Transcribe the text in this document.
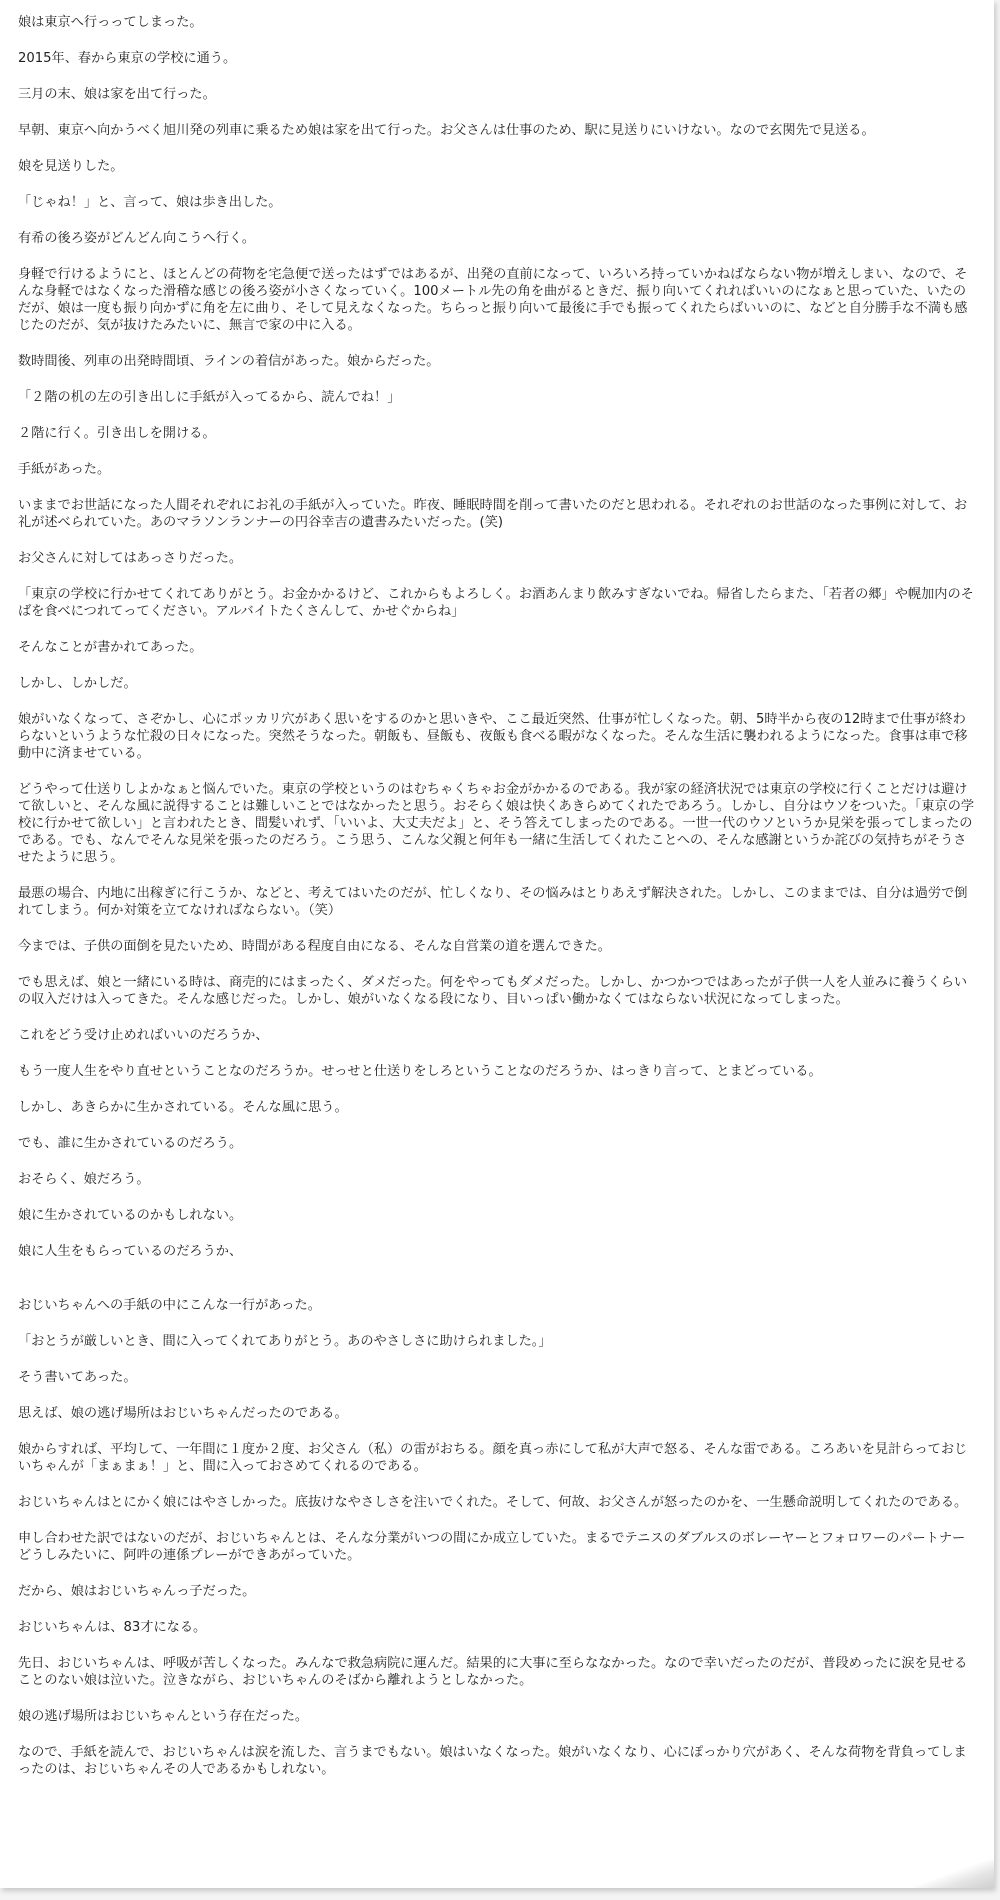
娘は東京へ行っってしまった。

2015年、春から東京の学校に通う。

三月の末、娘は家を出て行った。

早朝、東京へ向かうべく旭川発の列車に乗るため娘は家を出て行った。お父さんは仕事のため、駅に見送りにいけない。なので玄関先で見送る。

娘を見送りした。

「じゃね！」と、言って、娘は歩き出した。

有希の後ろ姿がどんどん向こうへ行く。

身軽で行けるようにと、ほとんどの荷物を宅急便で送ったはずではあるが、出発の直前になって、いろいろ持っていかねばならない物が増えしまい、なので、そんな身軽ではなくなった滑稽な感じの後ろ姿が小さくなっていく。100メートル先の角を曲がるときだ、振り向いてくれればいいのになぁと思っていた、いたのだが、娘は一度も振り向かずに角を左に曲り、そして見えなくなった。ちらっと振り向いて最後に手でも振ってくれたらばいいのに、などと自分勝手な不満も感じたのだが、気が抜けたみたいに、無言で家の中に入る。

数時間後、列車の出発時間頃、ラインの着信があった。娘からだった。

「２階の机の左の引き出しに手紙が入ってるから、読んでね！」

２階に行く。引き出しを開ける。

手紙があった。

いままでお世話になった人間それぞれにお礼の手紙が入っていた。昨夜、睡眠時間を削って書いたのだと思われる。それぞれのお世話のなった事例に対して、お礼が述べられていた。あのマラソンランナーの円谷幸吉の遺書みたいだった。(笑)

お父さんに対してはあっさりだった。

「東京の学校に行かせてくれてありがとう。お金かかるけど、これからもよろしく。お酒あんまり飲みすぎないでね。帰省したらまた、「若者の郷」や幌加内のそばを食べにつれてってください。アルバイトたくさんして、かせぐからね」

そんなことが書かれてあった。

しかし、しかしだ。

娘がいなくなって、さぞかし、心にポッカリ穴があく思いをするのかと思いきや、ここ最近突然、仕事が忙しくなった。朝、5時半から夜の12時まで仕事が終わらないというような忙殺の日々になった。突然そうなった。朝飯も、昼飯も、夜飯も食べる暇がなくなった。そんな生活に襲われるようになった。食事は車で移動中に済ませている。

どうやって仕送りしよかなぁと悩んでいた。東京の学校というのはむちゃくちゃお金がかかるのである。我が家の経済状況では東京の学校に行くことだけは避けて欲しいと、そんな風に説得することは難しいことではなかったと思う。おそらく娘は快くあきらめてくれたであろう。しかし、自分はウソをついた。「東京の学校に行かせて欲しい」と言われたとき、間髪いれず、「いいよ、大丈夫だよ」と、そう答えてしまったのである。一世一代のウソというか見栄を張ってしまったのである。でも、なんでそんな見栄を張ったのだろう。こう思う、こんな父親と何年も一緒に生活してくれたことへの、そんな感謝というか詫びの気持ちがそうさせたように思う。

最悪の場合、内地に出稼ぎに行こうか、などと、考えてはいたのだが、忙しくなり、その悩みはとりあえず解決された。しかし、このままでは、自分は過労で倒れてしまう。何か対策を立てなければならない。（笑）

今までは、子供の面倒を見たいため、時間がある程度自由になる、そんな自営業の道を選んできた。

でも思えば、娘と一緒にいる時は、商売的にはまったく、ダメだった。何をやってもダメだった。しかし、かつかつではあったが子供一人を人並みに養うくらいの収入だけは入ってきた。そんな感じだった。しかし、娘がいなくなる段になり、目いっぱい働かなくてはならない状況になってしまった。

これをどう受け止めればいいのだろうか、

もう一度人生をやり直せということなのだろうか。せっせと仕送りをしろということなのだろうか、はっきり言って、とまどっている。

しかし、あきらかに生かされている。そんな風に思う。

でも、誰に生かされているのだろう。

おそらく、娘だろう。

娘に生かされているのかもしれない。

娘に人生をもらっているのだろうか、

おじいちゃんへの手紙の中にこんな一行があった。

「おとうが厳しいとき、間に入ってくれてありがとう。あのやさしさに助けられました。」

そう書いてあった。

思えば、娘の逃げ場所はおじいちゃんだったのである。

娘からすれば、平均して、一年間に１度か２度、お父さん（私）の雷がおちる。顔を真っ赤にして私が大声で怒る、そんな雷である。ころあいを見計らっておじいちゃんが「まぁまぁ！」と、間に入っておさめてくれるのである。

おじいちゃんはとにかく娘にはやさしかった。底抜けなやさしさを注いでくれた。そして、何故、お父さんが怒ったのかを、一生懸命説明してくれたのである。

申し合わせた訳ではないのだが、おじいちゃんとは、そんな分業がいつの間にか成立していた。まるでテニスのダブルスのボレーヤーとフォロワーのパートナーどうしみたいに、阿吽の連係プレーができあがっていた。

だから、娘はおじいちゃんっ子だった。

おじいちゃんは、83才になる。

先日、おじいちゃんは、呼吸が苦しくなった。みんなで救急病院に運んだ。結果的に大事に至らななかった。なので幸いだったのだが、普段めったに涙を見せることのない娘は泣いた。泣きながら、おじいちゃんのそばから離れようとしなかった。

娘の逃げ場所はおじいちゃんという存在だった。

なので、手紙を読んで、おじいちゃんは涙を流した、言うまでもない。娘はいなくなった。娘がいなくなり、心にぽっかり穴があく、そんな荷物を背負ってしまったのは、おじいちゃんその人であるかもしれない。
